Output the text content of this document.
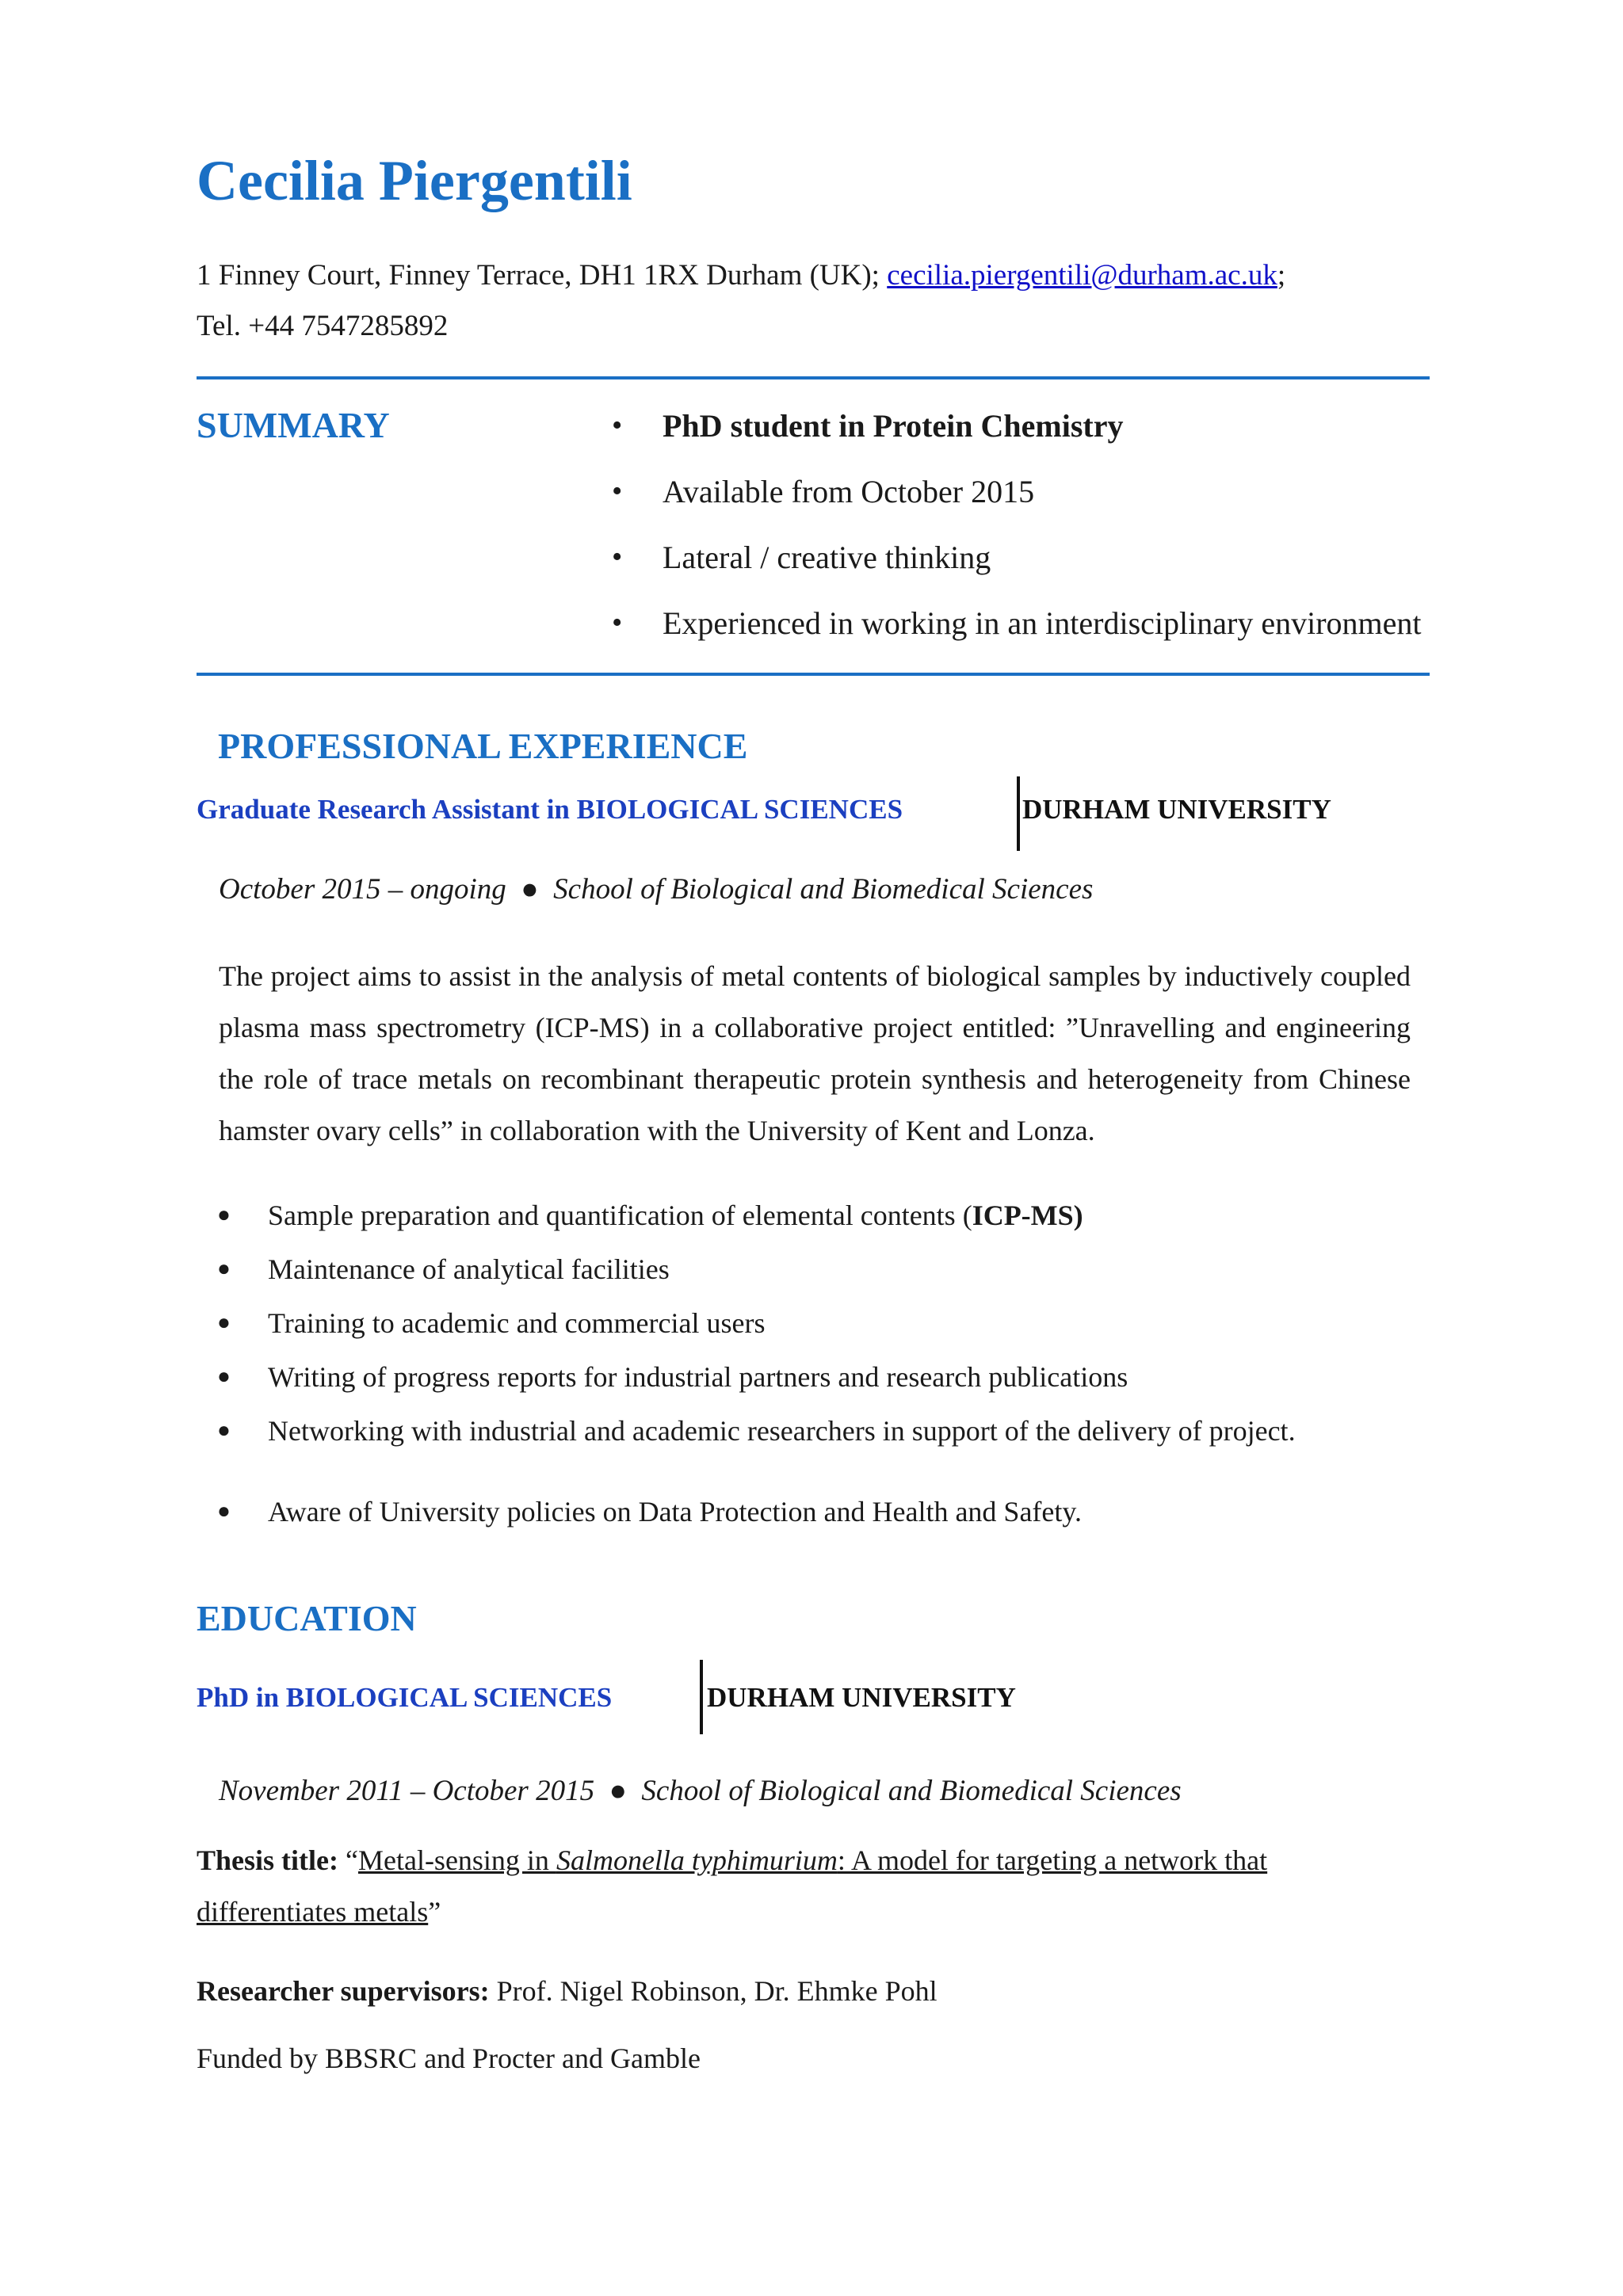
Cecilia Piergentili
1 Finney Court, Finney Terrace, DH1 1RX Durham (UK); cecilia.piergentili@durham.ac.uk;
Tel. +44 7547285892
SUMMARY	• PhD student in Protein Chemistry
• Available from October 2015
• Lateral / creative thinking
• Experienced in working in an interdisciplinary environment
PROFESSIONAL EXPERIENCE
Graduate Research Assistant in BIOLOGICAL SCIENCES	DURHAM UNIVERSITY
October 2015 – ongoing ● School of Biological and Biomedical Sciences
The project aims to assist in the analysis of metal contents of biological samples by inductively coupled plasma mass spectrometry (ICP-MS) in a collaborative project entitled: ”Unravelling and engineering the role of trace metals on recombinant therapeutic protein synthesis and heterogeneity from Chinese hamster ovary cells” in collaboration with the University of Kent and Lonza.
● Sample preparation and quantification of elemental contents (ICP-MS)
● Maintenance of analytical facilities
● Training to academic and commercial users
● Writing of progress reports for industrial partners and research publications
● Networking with industrial and academic researchers in support of the delivery of project.
● Aware of University policies on Data Protection and Health and Safety.
EDUCATION
PhD in BIOLOGICAL SCIENCES	DURHAM UNIVERSITY
November 2011 – October 2015 ● School of Biological and Biomedical Sciences
Thesis title: “Metal-sensing in Salmonella typhimurium: A model for targeting a network that
differentiates metals”
Researcher supervisors: Prof. Nigel Robinson, Dr. Ehmke Pohl
Funded by BBSRC and Procter and Gamble
